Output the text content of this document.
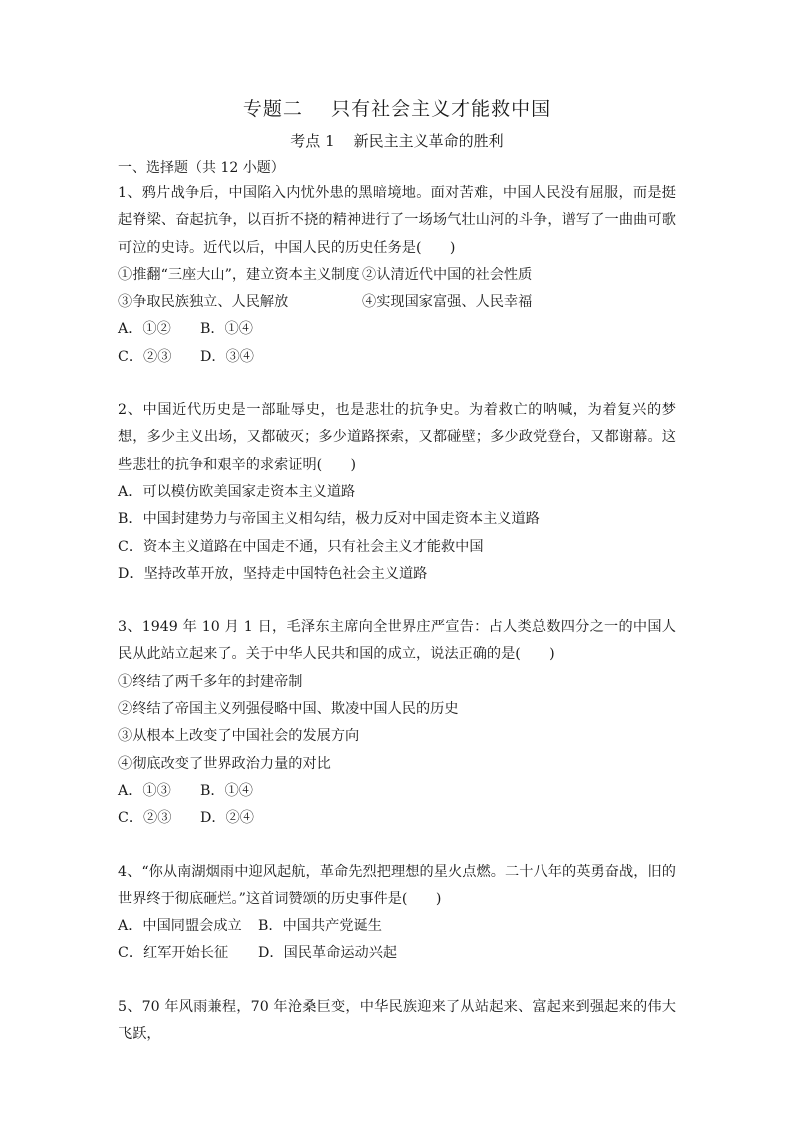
专题二    只有社会主义才能救中国

考点 1    新民主主义革命的胜利

一、选择题（共 12 小题）

1、鸦片战争后，中国陷入内忧外患的黑暗境地。面对苦难，中国人民没有屈服，而是挺起脊梁、奋起抗争，以百折不挠的精神进行了一场场气壮山河的斗争，谱写了一曲曲可歌可泣的史诗。近代以后，中国人民的历史任务是(　　)

①推翻“三座大山”，建立资本主义制度 ②认清近代中国的社会性质
③争取民族独立、人民解放	④实现国家富强、人民幸福
A．①②	B．①④
C．②③	D．③④

2、中国近代历史是一部耻辱史，也是悲壮的抗争史。为着救亡的呐喊，为着复兴的梦想，多少主义出场，又都破灭；多少道路探索，又都碰壁；多少政党登台，又都谢幕。这些悲壮的抗争和艰辛的求索证明(　　)

A．可以模仿欧美国家走资本主义道路

B．中国封建势力与帝国主义相勾结，极力反对中国走资本主义道路

C．资本主义道路在中国走不通，只有社会主义才能救中国

D．坚持改革开放，坚持走中国特色社会主义道路

3、1949 年 10 月 1 日，毛泽东主席向全世界庄严宣告：占人类总数四分之一的中国人民从此站立起来了。关于中华人民共和国的成立，说法正确的是(　　)

①终结了两千多年的封建帝制

②终结了帝国主义列强侵略中国、欺凌中国人民的历史

③从根本上改变了中国社会的发展方向

④彻底改变了世界政治力量的对比

A．①③	B．①④
C．②③	D．②④

4、“你从南湖烟雨中迎风起航，革命先烈把理想的星火点燃。二十八年的英勇奋战，旧的世界终于彻底砸烂。”这首词赞颂的历史事件是(　　)

A．中国同盟会成立	B．中国共产党诞生
C．红军开始长征	D．国民革命运动兴起

5、70 年风雨兼程，70 年沧桑巨变，中华民族迎来了从站起来、富起来到强起来的伟大飞跃，
